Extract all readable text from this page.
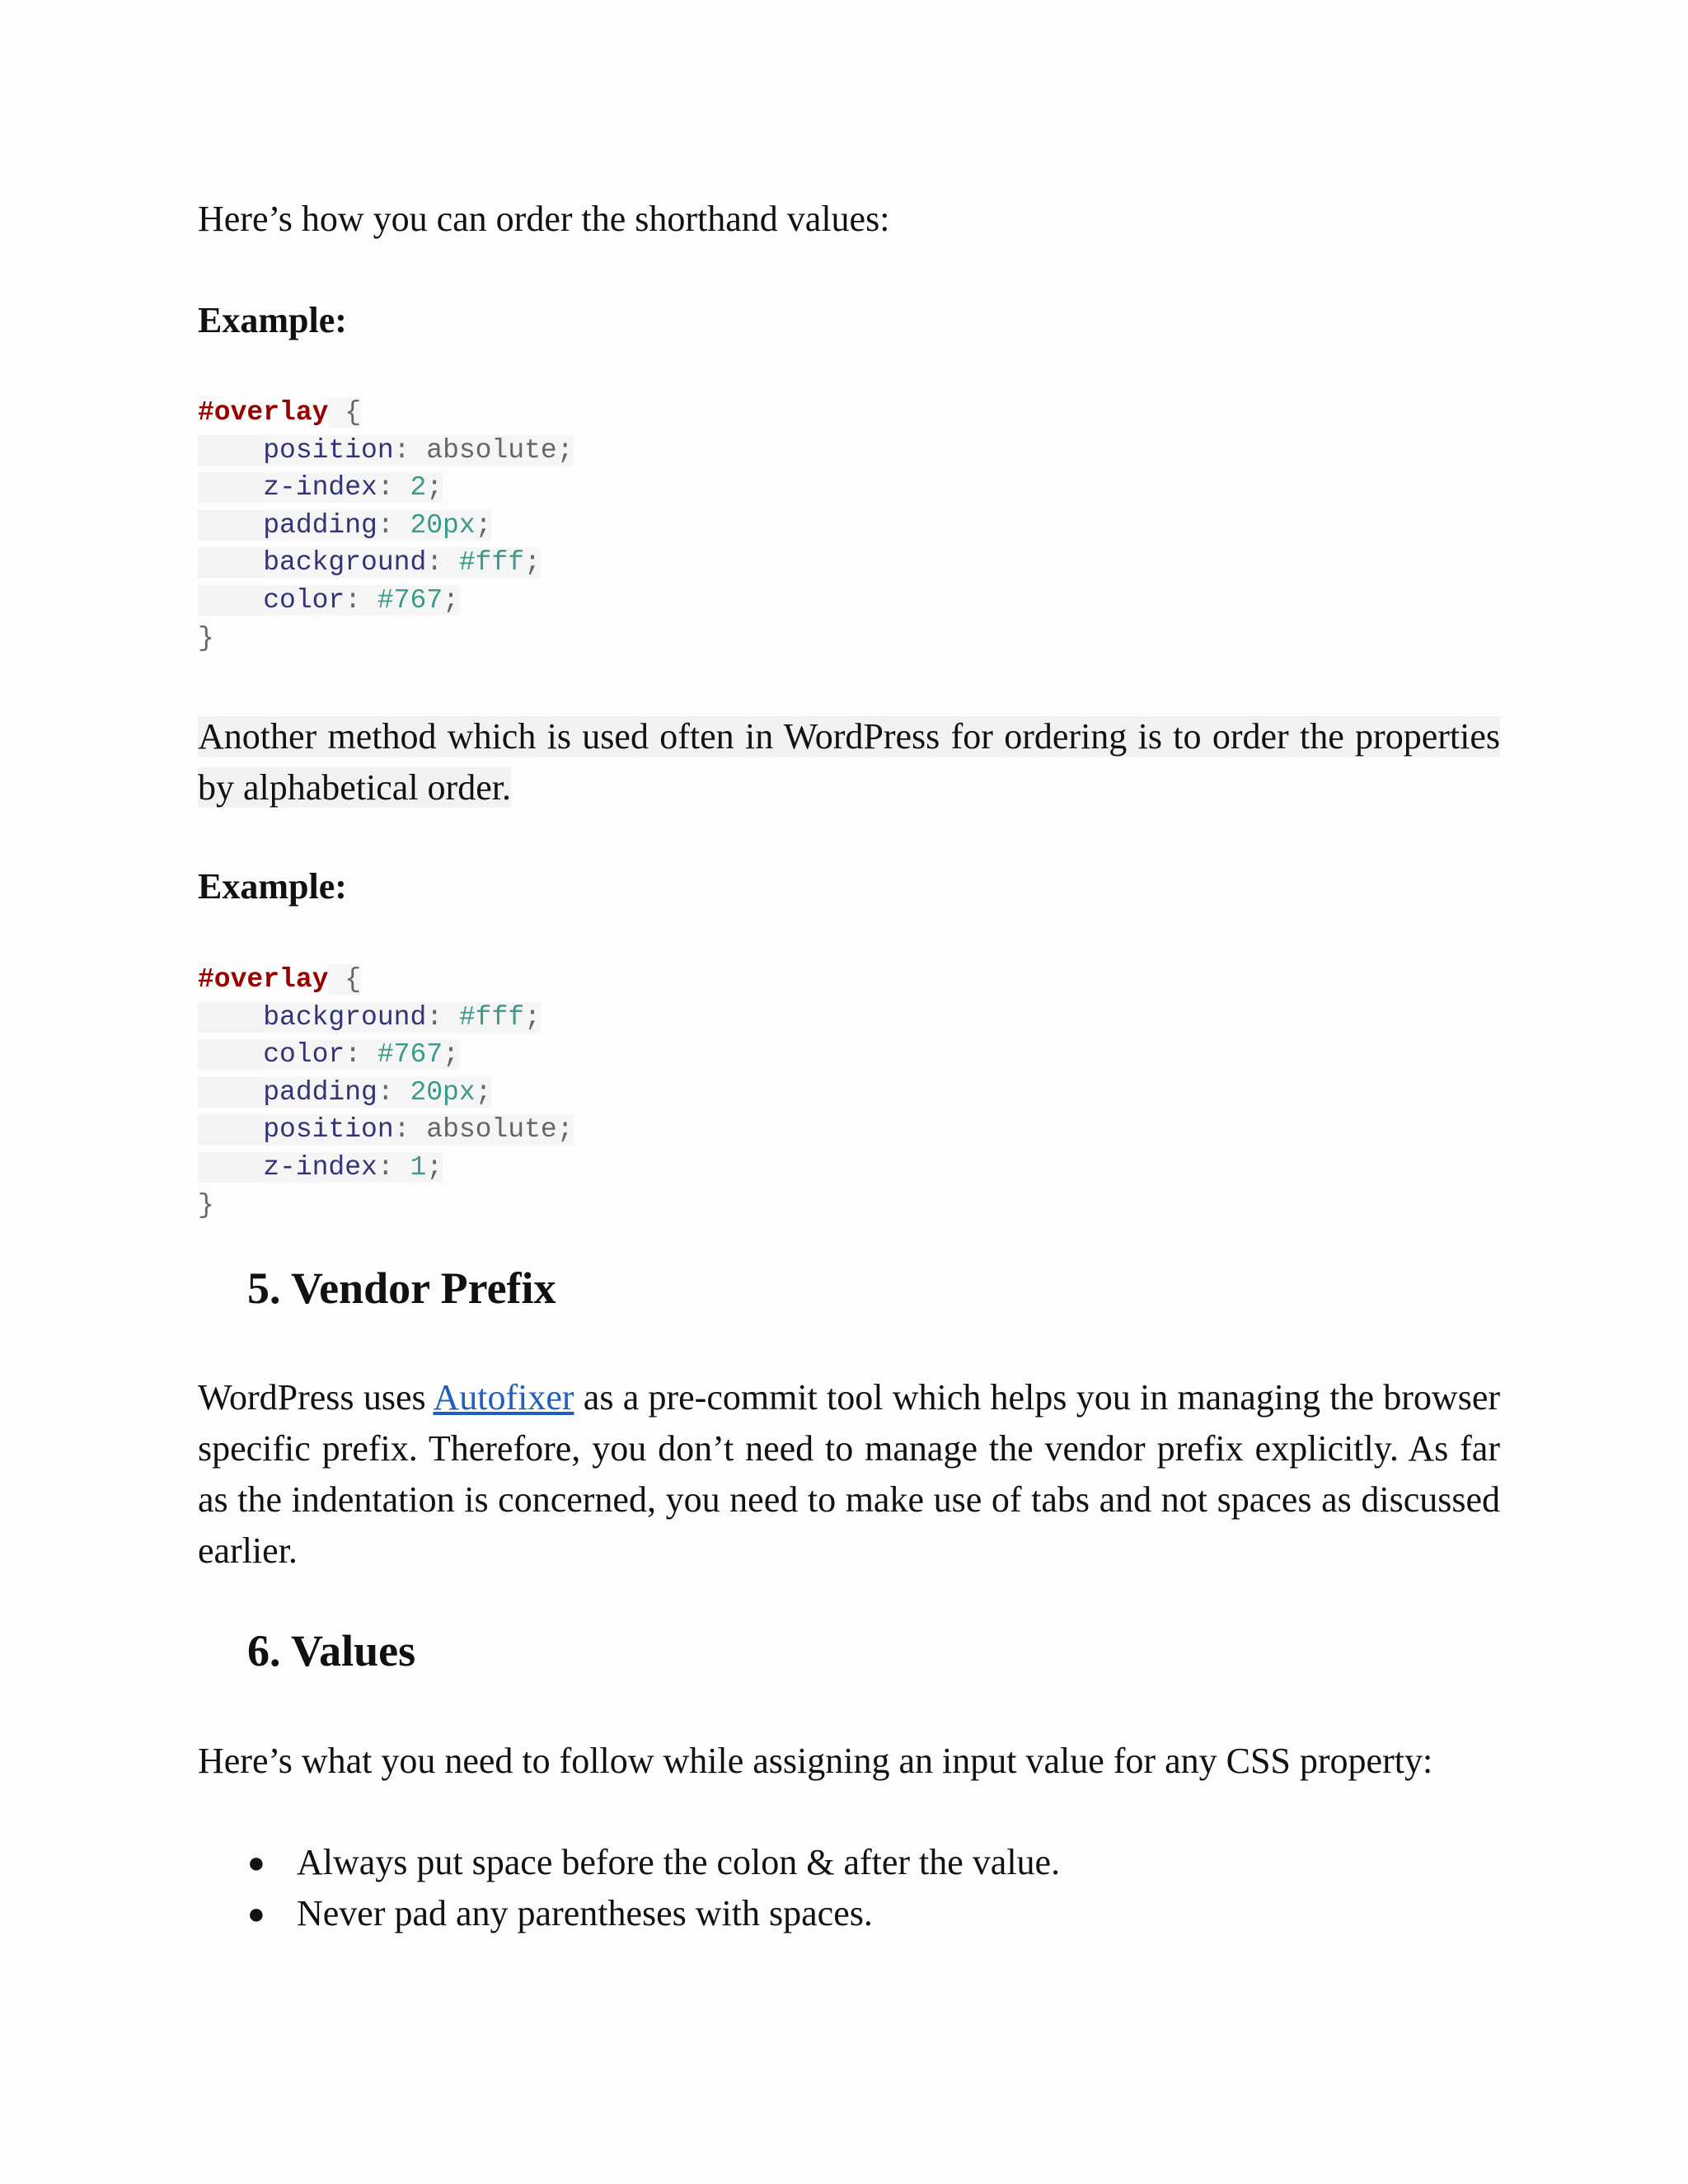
Here’s how you can order the shorthand values:

Example:

#overlay {
position: absolute;
z-index: 2;
padding: 20px;
background: #fff;
color: #767;
}

Another method which is used often in WordPress for ordering is to order the properties by alphabetical order.

Example:

#overlay {
background: #fff;
color: #767;
padding: 20px;
position: absolute;
z-index: 1;
}
5. Vendor Prefix

WordPress uses Autofixer as a pre-commit tool which helps you in managing the browser specific prefix. Therefore, you don’t need to manage the vendor prefix explicitly. As far as the indentation is concerned, you need to make use of tabs and not spaces as discussed earlier.

6. Values

Here’s what you need to follow while assigning an input value for any CSS property:

● Always put space before the colon & after the value.
● Never pad any parentheses with spaces.
